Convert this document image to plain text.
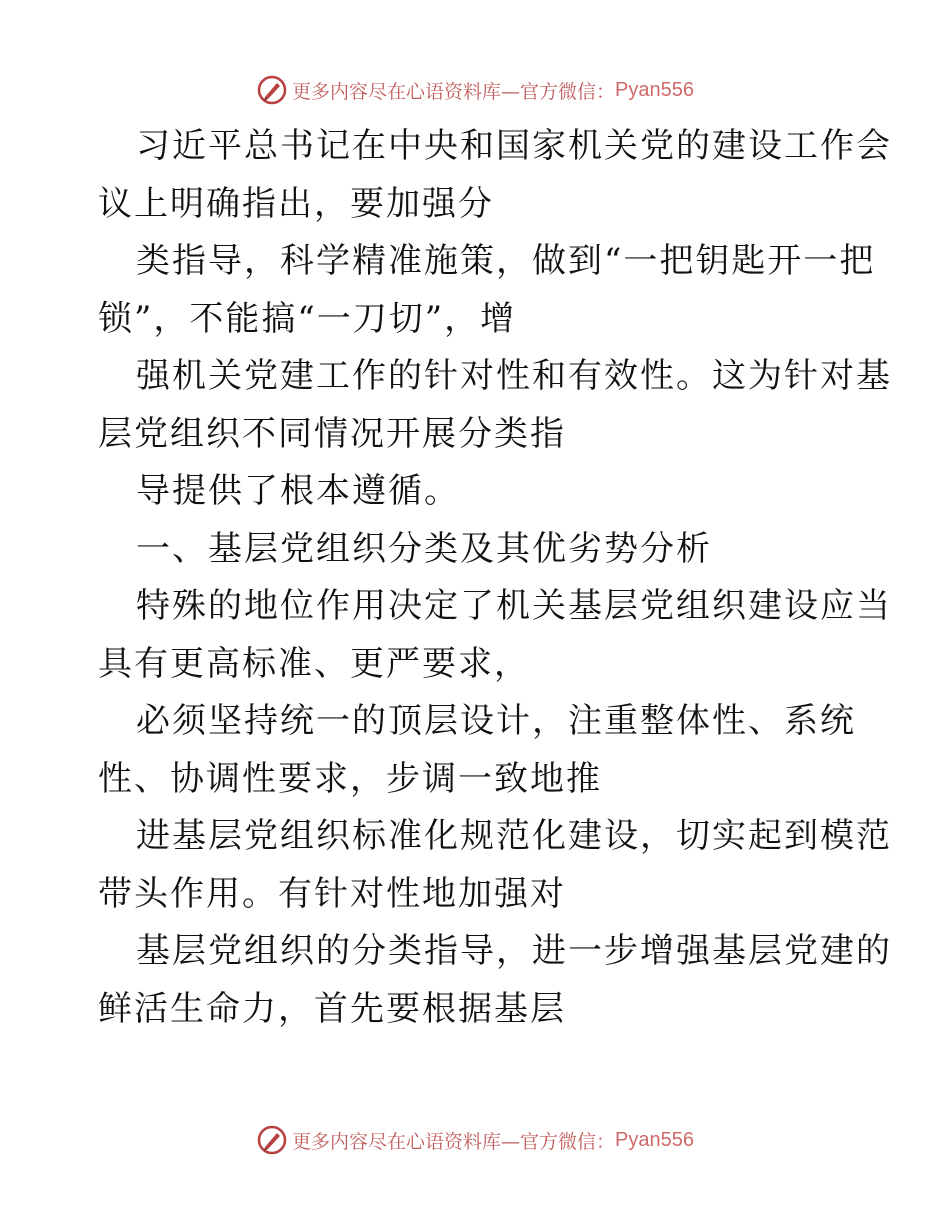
更多内容尽在心语资料库—官方微信： Pyan556
习近平总书记在中央和国家机关党的建设工作会
议上明确指出，要加强分
类指导，科学精准施策，做到“一把钥匙开一把
锁”，不能搞“一刀切”，增
强机关党建工作的针对性和有效性。这为针对基
层党组织不同情况开展分类指
导提供了根本遵循。
一、基层党组织分类及其优劣势分析
特殊的地位作用决定了机关基层党组织建设应当
具有更高标准、更严要求，
必须坚持统一的顶层设计，注重整体性、系统
性、协调性要求，步调一致地推
进基层党组织标准化规范化建设，切实起到模范
带头作用。有针对性地加强对
基层党组织的分类指导，进一步增强基层党建的
鲜活生命力，首先要根据基层
更多内容尽在心语资料库—官方微信： Pyan556
